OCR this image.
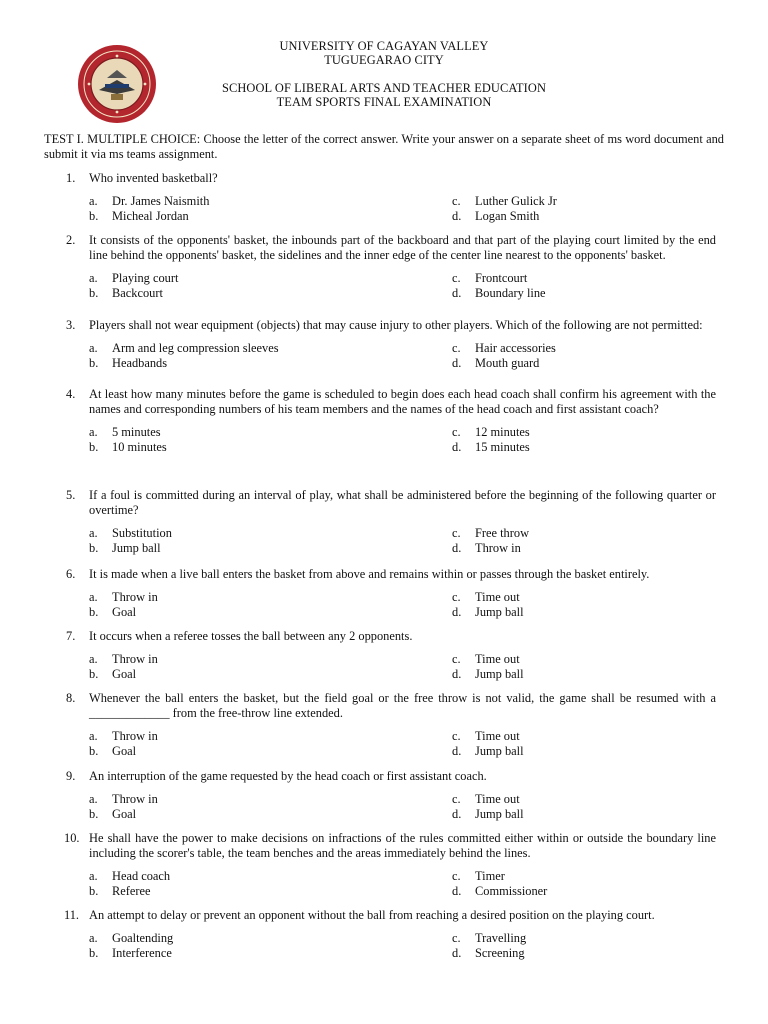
UNIVERSITY OF CAGAYAN VALLEY
TUGUEGARAO CITY
SCHOOL OF LIBERAL ARTS AND TEACHER EDUCATION
TEAM SPORTS FINAL EXAMINATION
TEST I. MULTIPLE CHOICE: Choose the letter of the correct answer. Write your answer on a separate sheet of ms word document and submit it via ms teams assignment.
1. Who invented basketball?
a. Dr. James Naismith
b. Micheal Jordan
c. Luther Gulick Jr
d. Logan Smith
2. It consists of the opponents' basket, the inbounds part of the backboard and that part of the playing court limited by the end line behind the opponents' basket, the sidelines and the inner edge of the center line nearest to the opponents' basket.
a. Playing court
b. Backcourt
c. Frontcourt
d. Boundary line
3. Players shall not wear equipment (objects) that may cause injury to other players. Which of the following are not permitted:
a. Arm and leg compression sleeves
b. Headbands
c. Hair accessories
d. Mouth guard
4. At least how many minutes before the game is scheduled to begin does each head coach shall confirm his agreement with the names and corresponding numbers of his team members and the names of the head coach and first assistant coach?
a. 5 minutes
b. 10 minutes
c. 12 minutes
d. 15 minutes
5. If a foul is committed during an interval of play, what shall be administered before the beginning of the following quarter or overtime?
a. Substitution
b. Jump ball
c. Free throw
d. Throw in
6. It is made when a live ball enters the basket from above and remains within or passes through the basket entirely.
a. Throw in
b. Goal
c. Time out
d. Jump ball
7. It occurs when a referee tosses the ball between any 2 opponents.
a. Throw in
b. Goal
c. Time out
d. Jump ball
8. Whenever the ball enters the basket, but the field goal or the free throw is not valid, the game shall be resumed with a _____________ from the free-throw line extended.
a. Throw in
b. Goal
c. Time out
d. Jump ball
9. An interruption of the game requested by the head coach or first assistant coach.
a. Throw in
b. Goal
c. Time out
d. Jump ball
10. He shall have the power to make decisions on infractions of the rules committed either within or outside the boundary line including the scorer's table, the team benches and the areas immediately behind the lines.
a. Head coach
b. Referee
c. Timer
d. Commissioner
11. An attempt to delay or prevent an opponent without the ball from reaching a desired position on the playing court.
a. Goaltending
b. Interference
c. Travelling
d. Screening
